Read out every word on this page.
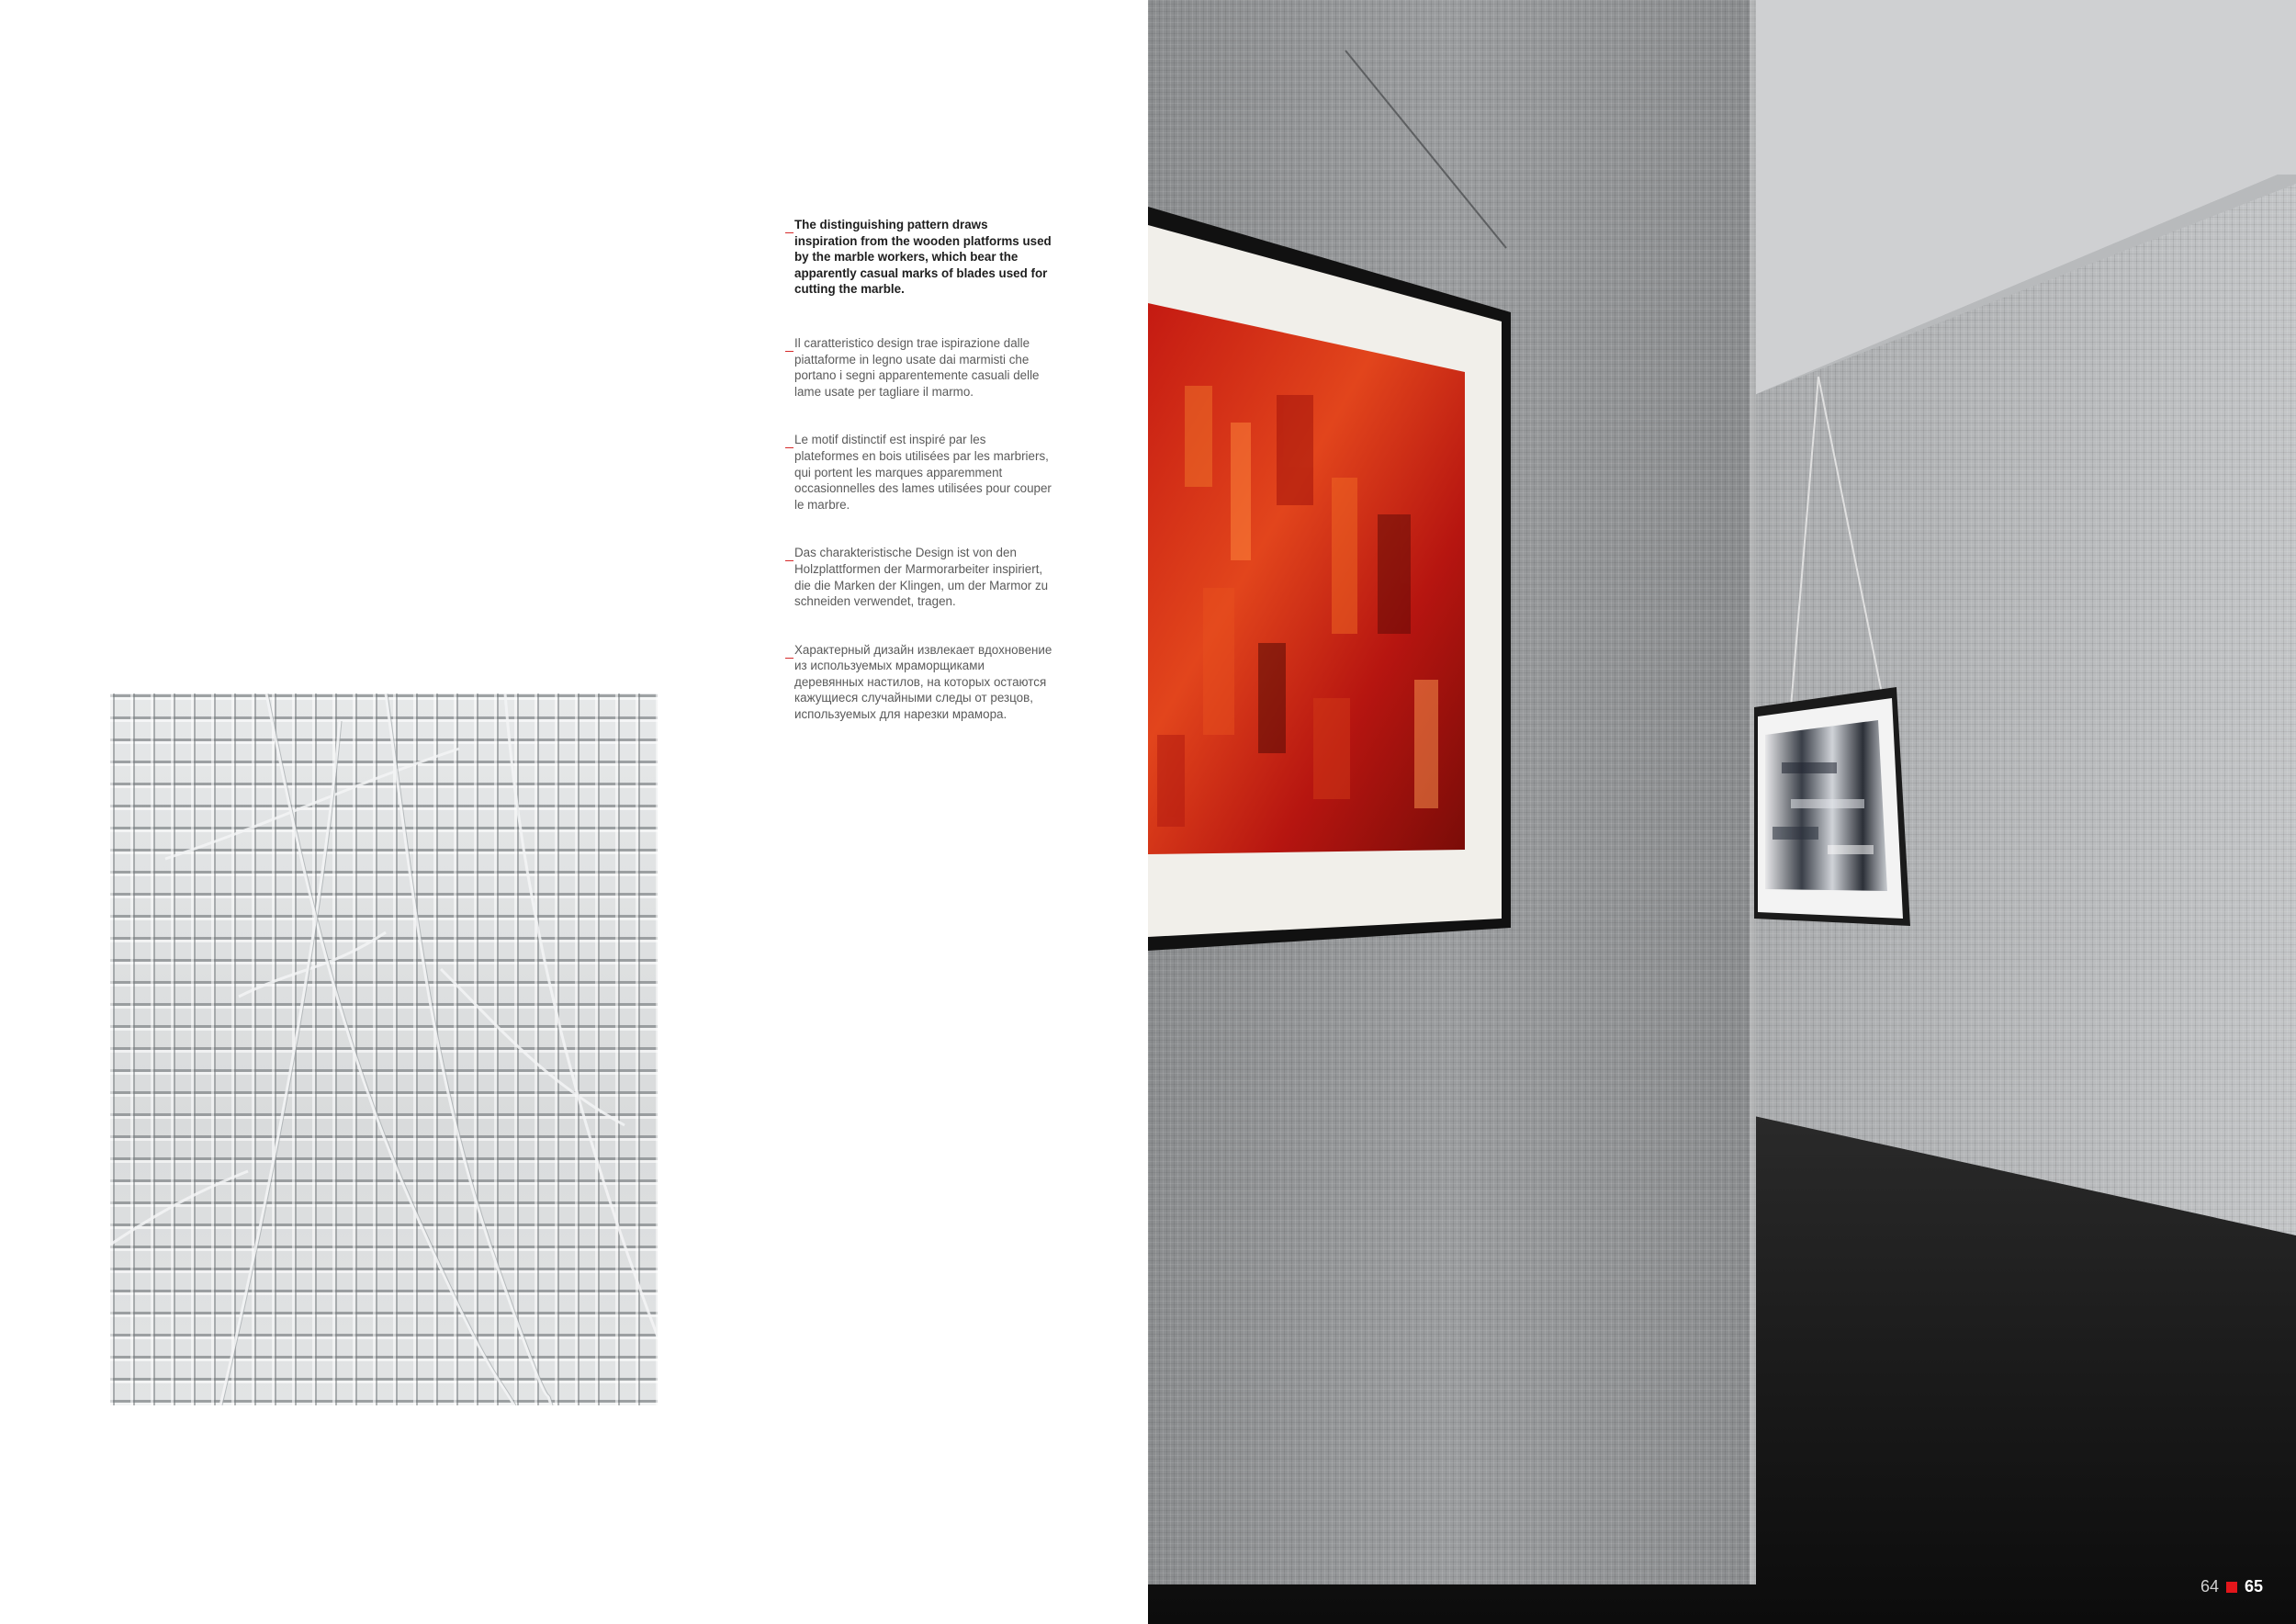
The distinguishing pattern draws inspiration from the wooden platforms used by the marble workers, which bear the apparently casual marks of blades used for cutting the marble.

Il caratteristico design trae ispirazione dalle piattaforme in legno usate dai marmisti che portano i segni apparentemente casuali delle lame usate per tagliare il marmo.

Le motif distinctif est inspiré par les plateformes en bois utilisées par les marbriers, qui portent les marques apparemment occasionnelles des lames utilisées pour couper le marbre.

Das charakteristische Design ist von den Holzplattformen der Marmorarbeiter inspiriert, die die Marken der Klingen, um der Marmor zu schneiden verwendet, tragen.

Характерный дизайн извлекает вдохновение из используемых мраморщиками деревянных настилов, на которых остаются кажущиеся случайными следы от резцов, используемых для нарезки мрамора.

64 65
